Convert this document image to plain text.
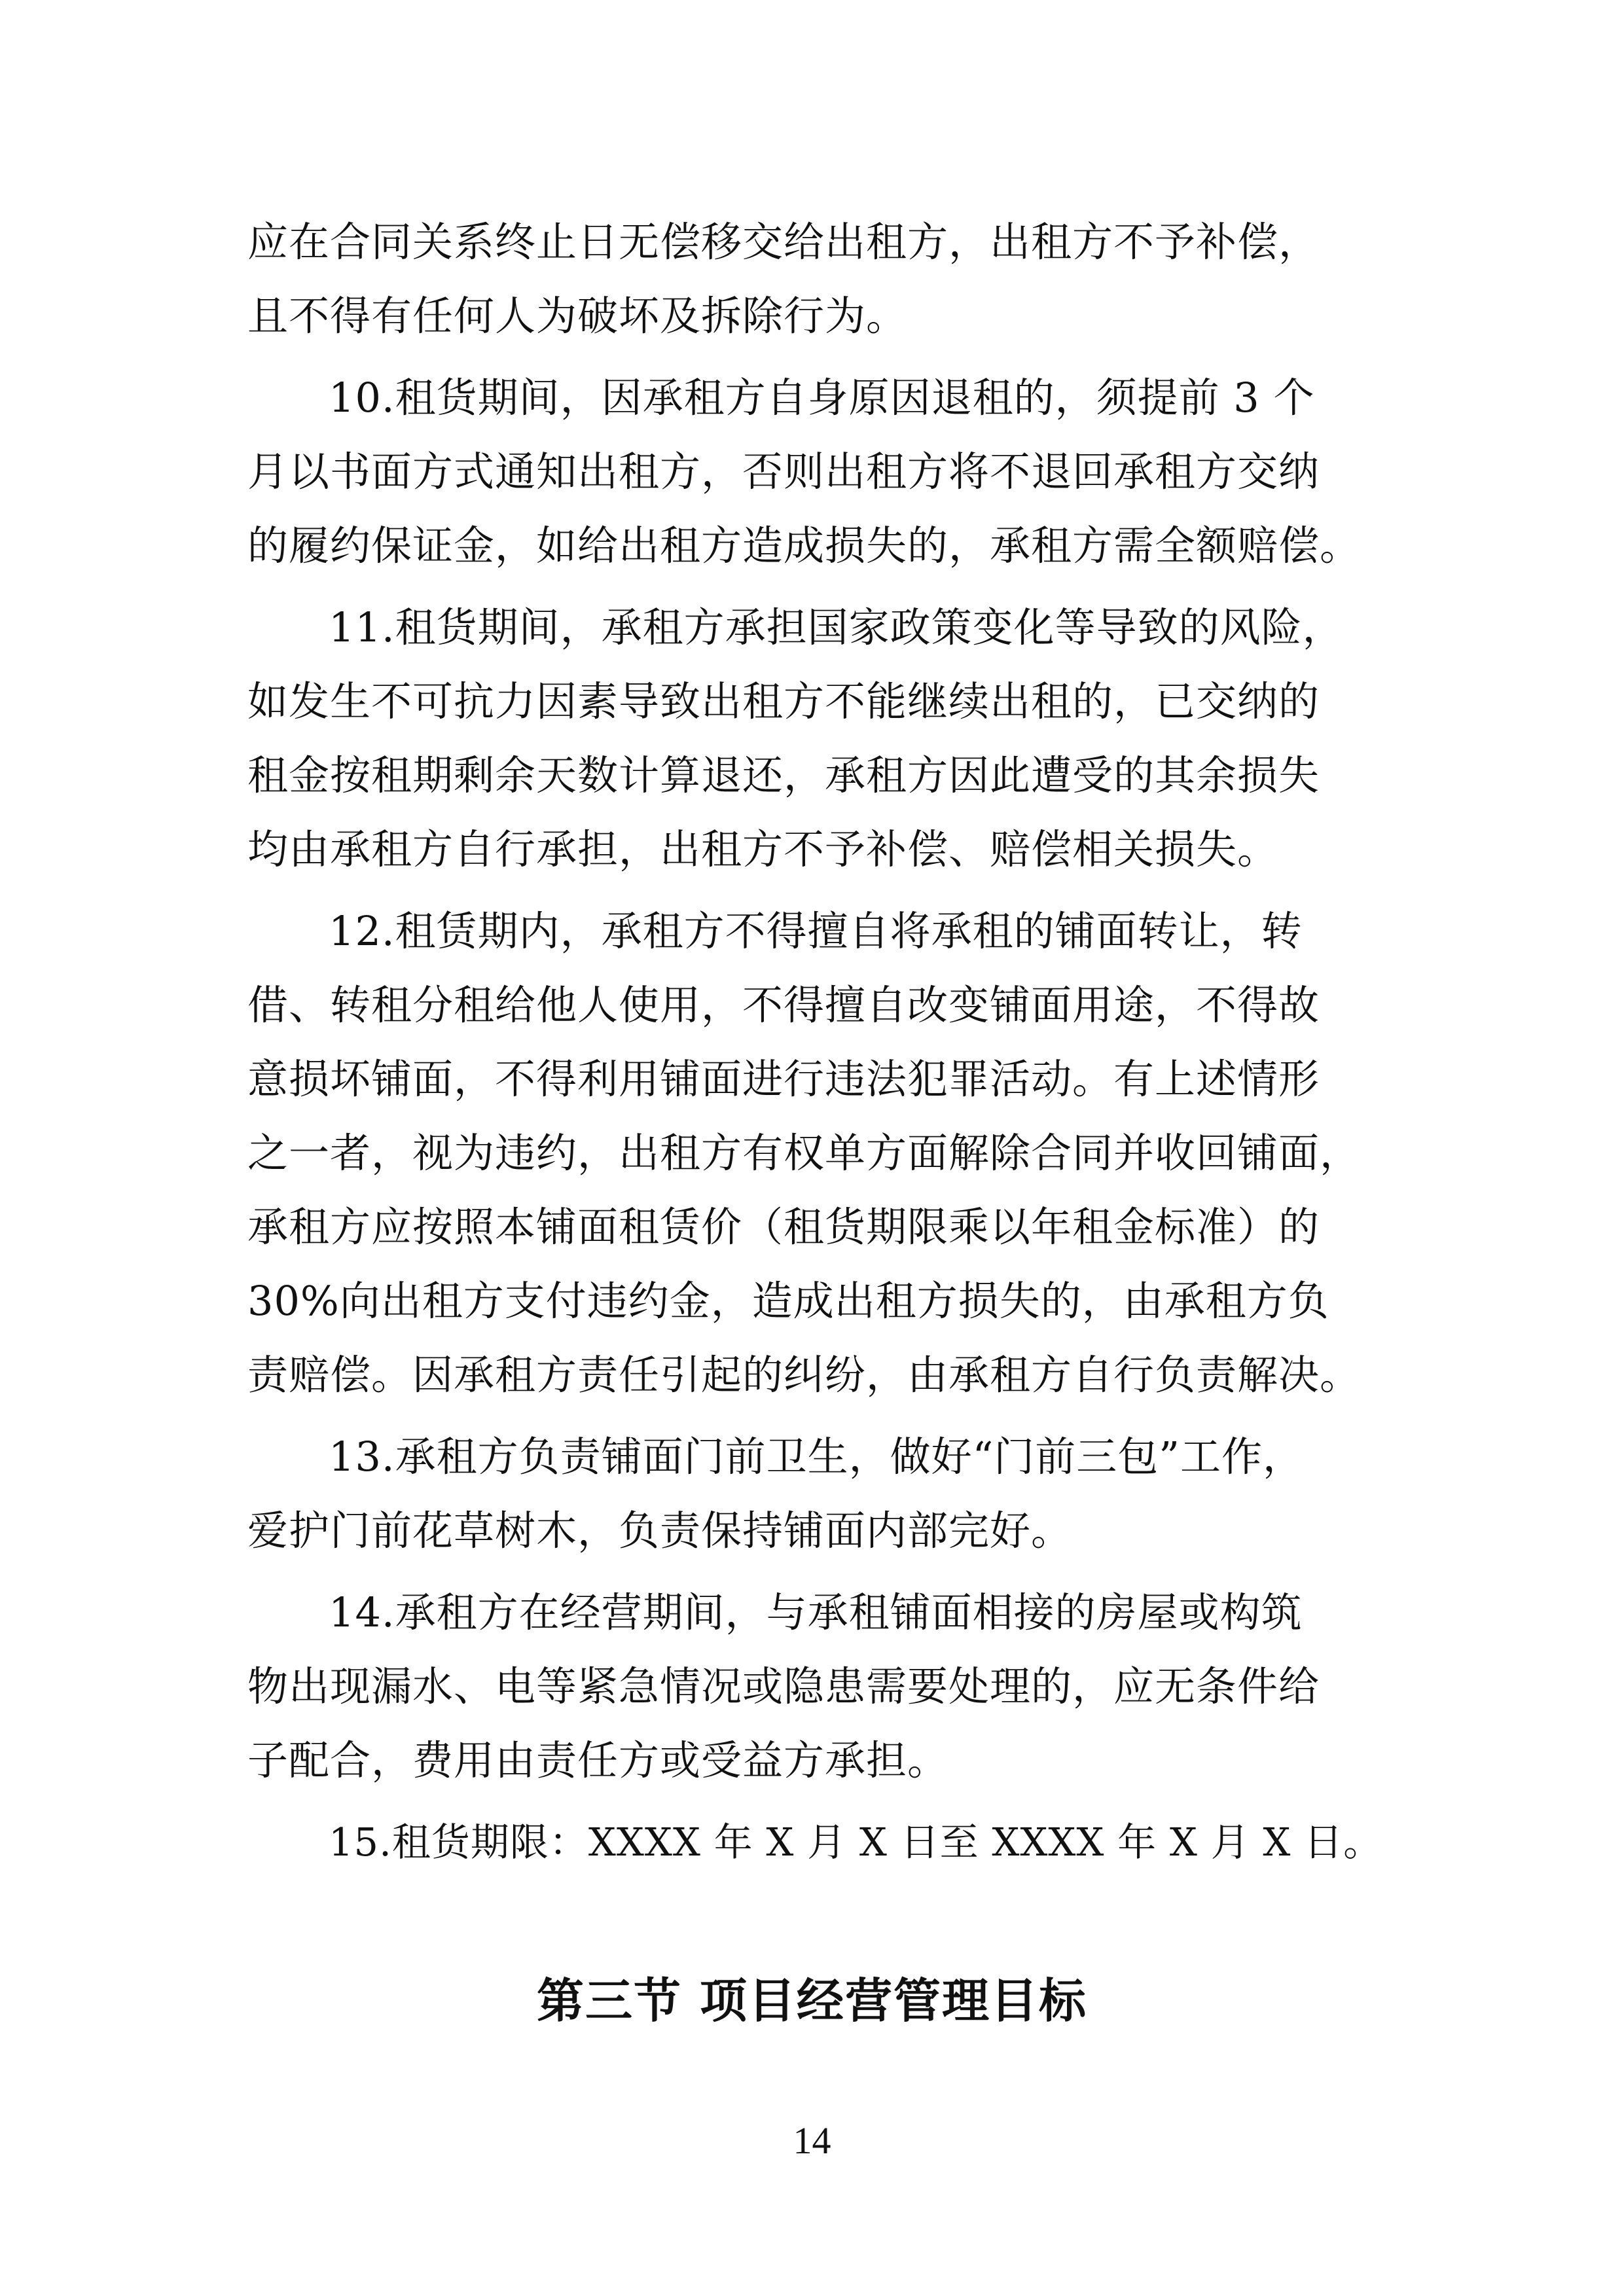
应在合同关系终止日无偿移交给出租方，出租方不予补偿，
且不得有任何人为破坏及拆除行为。
10.租货期间，因承租方自身原因退租的，须提前 3 个
月以书面方式通知出租方，否则出租方将不退回承租方交纳
的履约保证金，如给出租方造成损失的，承租方需全额赔偿。
11.租货期间，承租方承担国家政策变化等导致的风险，
如发生不可抗力因素导致出租方不能继续出租的，已交纳的
租金按租期剩余天数计算退还，承租方因此遭受的其余损失
均由承租方自行承担，出租方不予补偿、赔偿相关损失。
12.租赁期内，承租方不得擅自将承租的铺面转让，转
借、转租分租给他人使用，不得擅自改变铺面用途，不得故
意损坏铺面，不得利用铺面进行违法犯罪活动。有上述情形
之一者，视为违约，出租方有权单方面解除合同并收回铺面，
承租方应按照本铺面租赁价（租货期限乘以年租金标准）的
30%向出租方支付违约金，造成出租方损失的，由承租方负
责赔偿。因承租方责任引起的纠纷，由承租方自行负责解决。
13.承租方负责铺面门前卫生，做好“门前三包”工作，
爱护门前花草树木，负责保持铺面内部完好。
14.承租方在经营期间，与承租铺面相接的房屋或构筑
物出现漏水、电等紧急情况或隐患需要处理的，应无条件给
子配合，费用由责任方或受益方承担。
15.租货期限：XXXX 年 X 月 X 日至 XXXX 年 X 月 X 日。
第三节 项目经营管理目标
14
